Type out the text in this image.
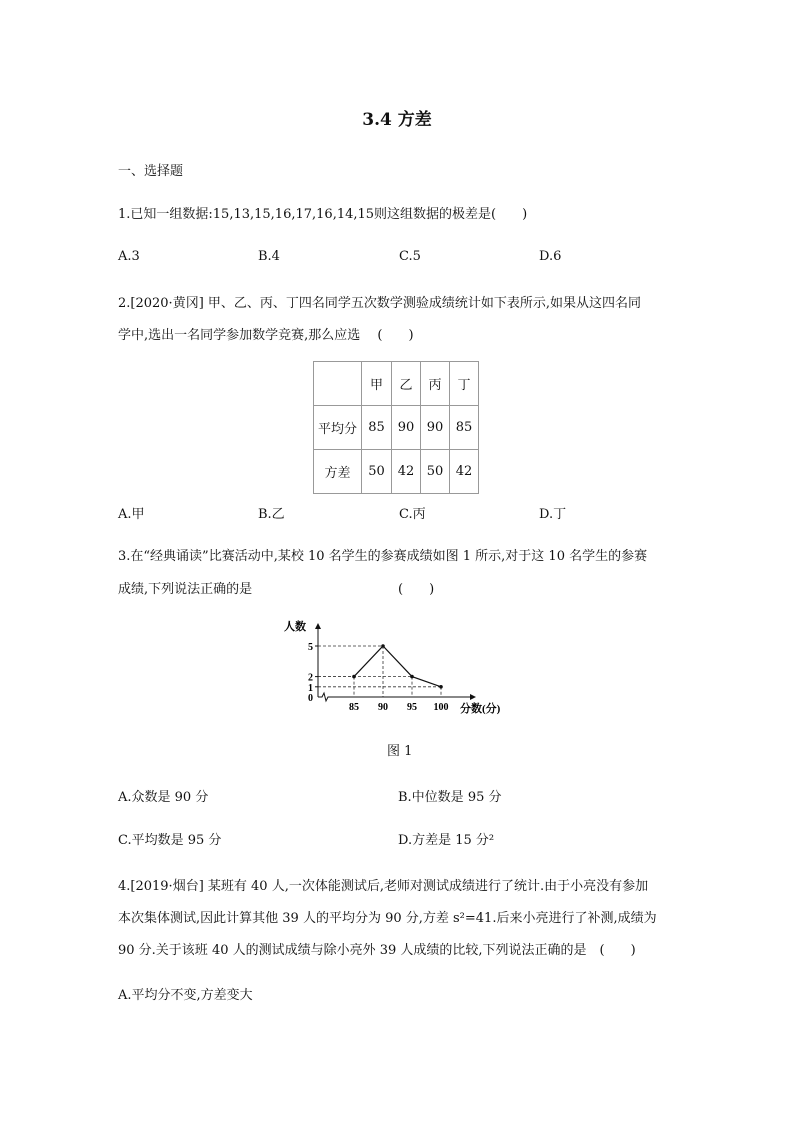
3.4 方差
一、选择题
1.已知一组数据:15,13,15,16,17,16,14,15则这组数据的极差是(　　)
A.3	B.4	C.5	D.6
2.[2020·黄冈] 甲、乙、丙、丁四名同学五次数学测验成绩统计如下表所示,如果从这四名同
学中,选出一名同学参加数学竞赛,那么应选　 (　　)
	甲	乙	丙	丁
平均分	85	90	90	85
方差	50	42	50	42
A.甲	B.乙	C.丙	D.丁
3.在“经典诵读”比赛活动中,某校 10 名学生的参赛成绩如图 1 所示,对于这 10 名学生的参赛
成绩,下列说法正确的是	(　　)
人数
分数(分)
0
1
2
5
85 90 95 100
图 1
A.众数是 90 分	B.中位数是 95 分
C.平均数是 95 分	D.方差是 15 分²
4.[2019·烟台] 某班有 40 人,一次体能测试后,老师对测试成绩进行了统计.由于小亮没有参加
本次集体测试,因此计算其他 39 人的平均分为 90 分,方差 s²=41.后来小亮进行了补测,成绩为
90 分.关于该班 40 人的测试成绩与除小亮外 39 人成绩的比较,下列说法正确的是　(　　)
A.平均分不变,方差变大
